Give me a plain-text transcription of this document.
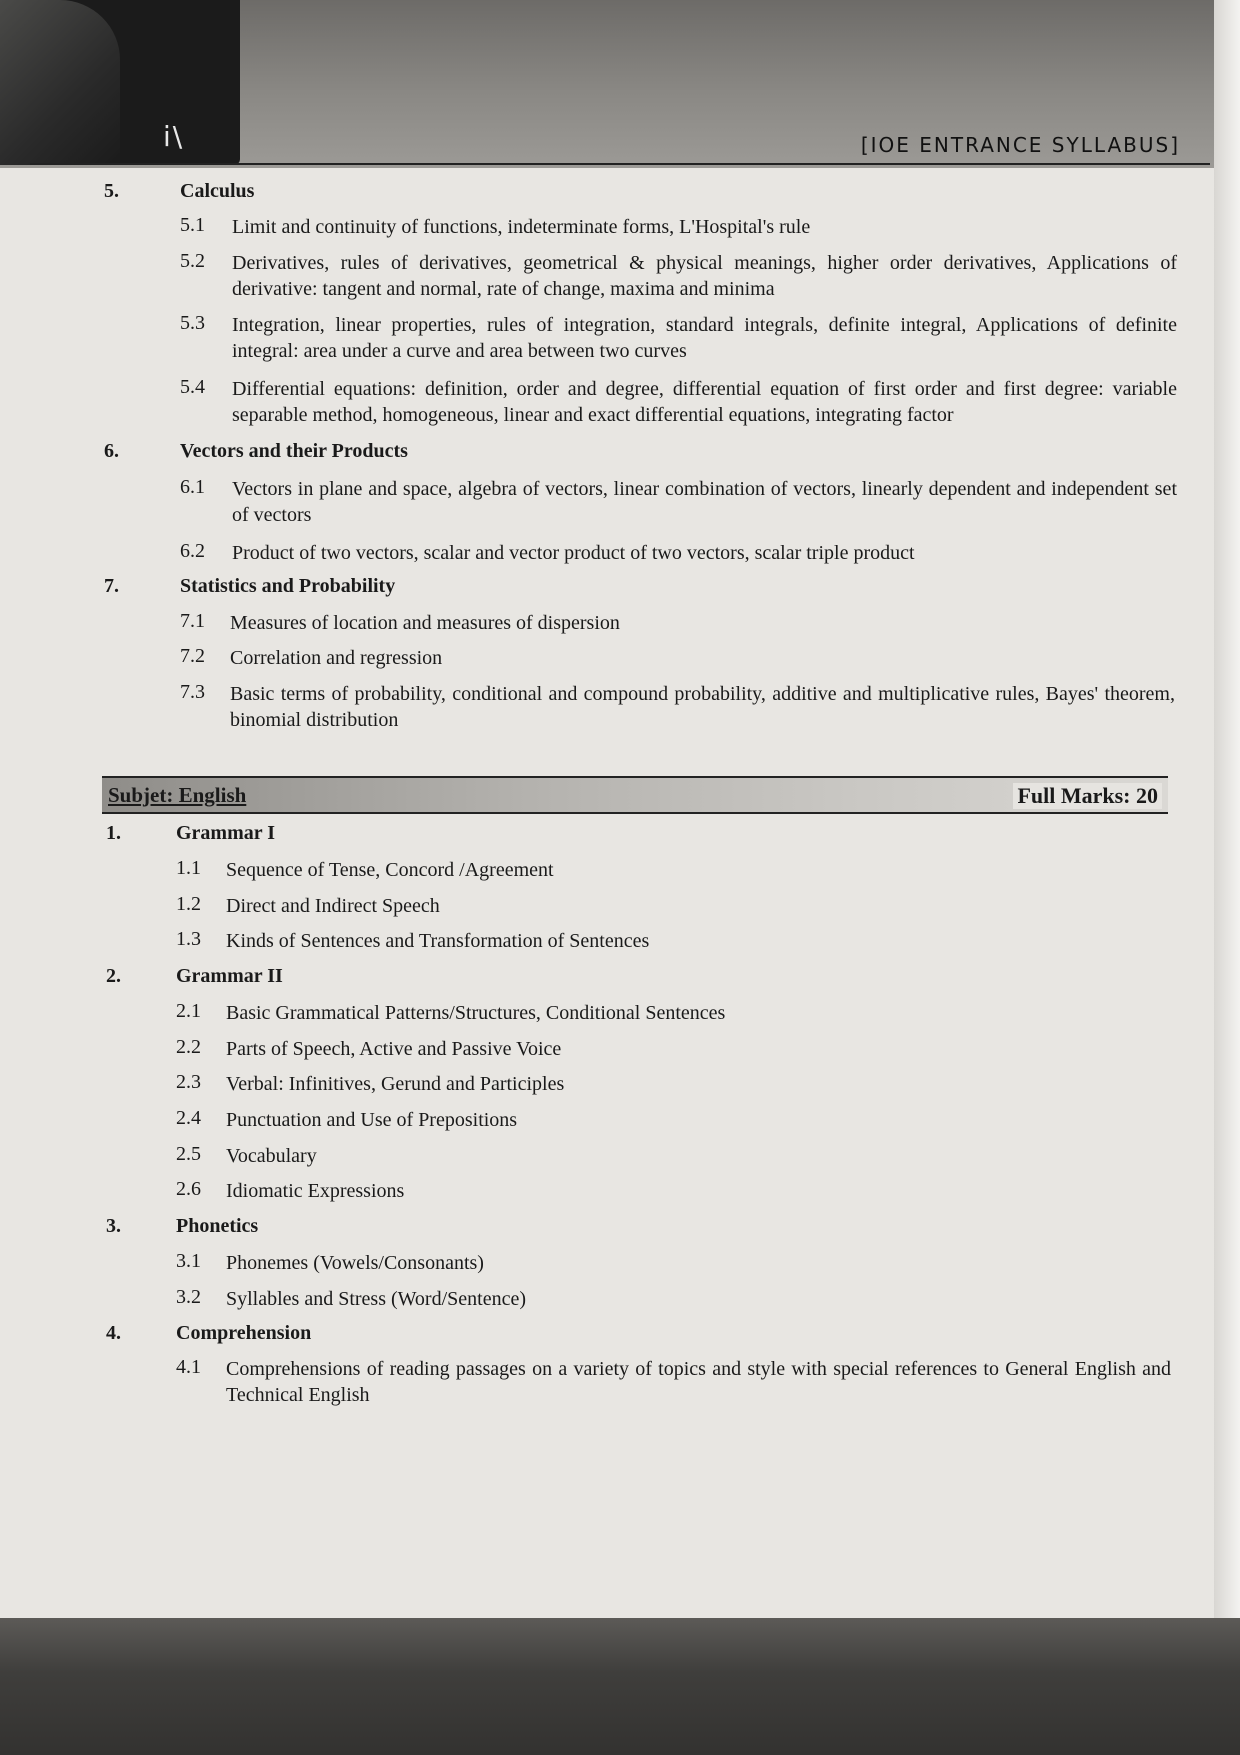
i\	[IOE ENTRANCE SYLLABUS]
5.	Calculus
5.1 Limit and continuity of functions, indeterminate forms, L'Hospital's rule
5.2 Derivatives, rules of derivatives, geometrical & physical meanings, higher order derivatives, Applications of derivative: tangent and normal, rate of change, maxima and minima
5.3 Integration, linear properties, rules of integration, standard integrals, definite integral, Applications of definite integral: area under a curve and area between two curves
5.4 Differential equations: definition, order and degree, differential equation of first order and first degree: variable separable method, homogeneous, linear and exact differential equations, integrating factor
6.	Vectors and their Products
6.1 Vectors in plane and space, algebra of vectors, linear combination of vectors, linearly dependent and independent set of vectors
6.2 Product of two vectors, scalar and vector product of two vectors, scalar triple product
7.	Statistics and Probability
7.1 Measures of location and measures of dispersion
7.2 Correlation and regression
7.3 Basic terms of probability, conditional and compound probability, additive and multiplicative rules, Bayes' theorem, binomial distribution
Subjet: English	Full Marks: 20
1.	Grammar I
1.1 Sequence of Tense, Concord /Agreement
1.2 Direct and Indirect Speech
1.3 Kinds of Sentences and Transformation of Sentences
2.	Grammar II
2.1 Basic Grammatical Patterns/Structures, Conditional Sentences
2.2 Parts of Speech, Active and Passive Voice
2.3 Verbal: Infinitives, Gerund and Participles
2.4 Punctuation and Use of Prepositions
2.5 Vocabulary
2.6 Idiomatic Expressions
3.	Phonetics
3.1 Phonemes (Vowels/Consonants)
3.2 Syllables and Stress (Word/Sentence)
4.	Comprehension
4.1 Comprehensions of reading passages on a variety of topics and style with special references to General English and Technical English
